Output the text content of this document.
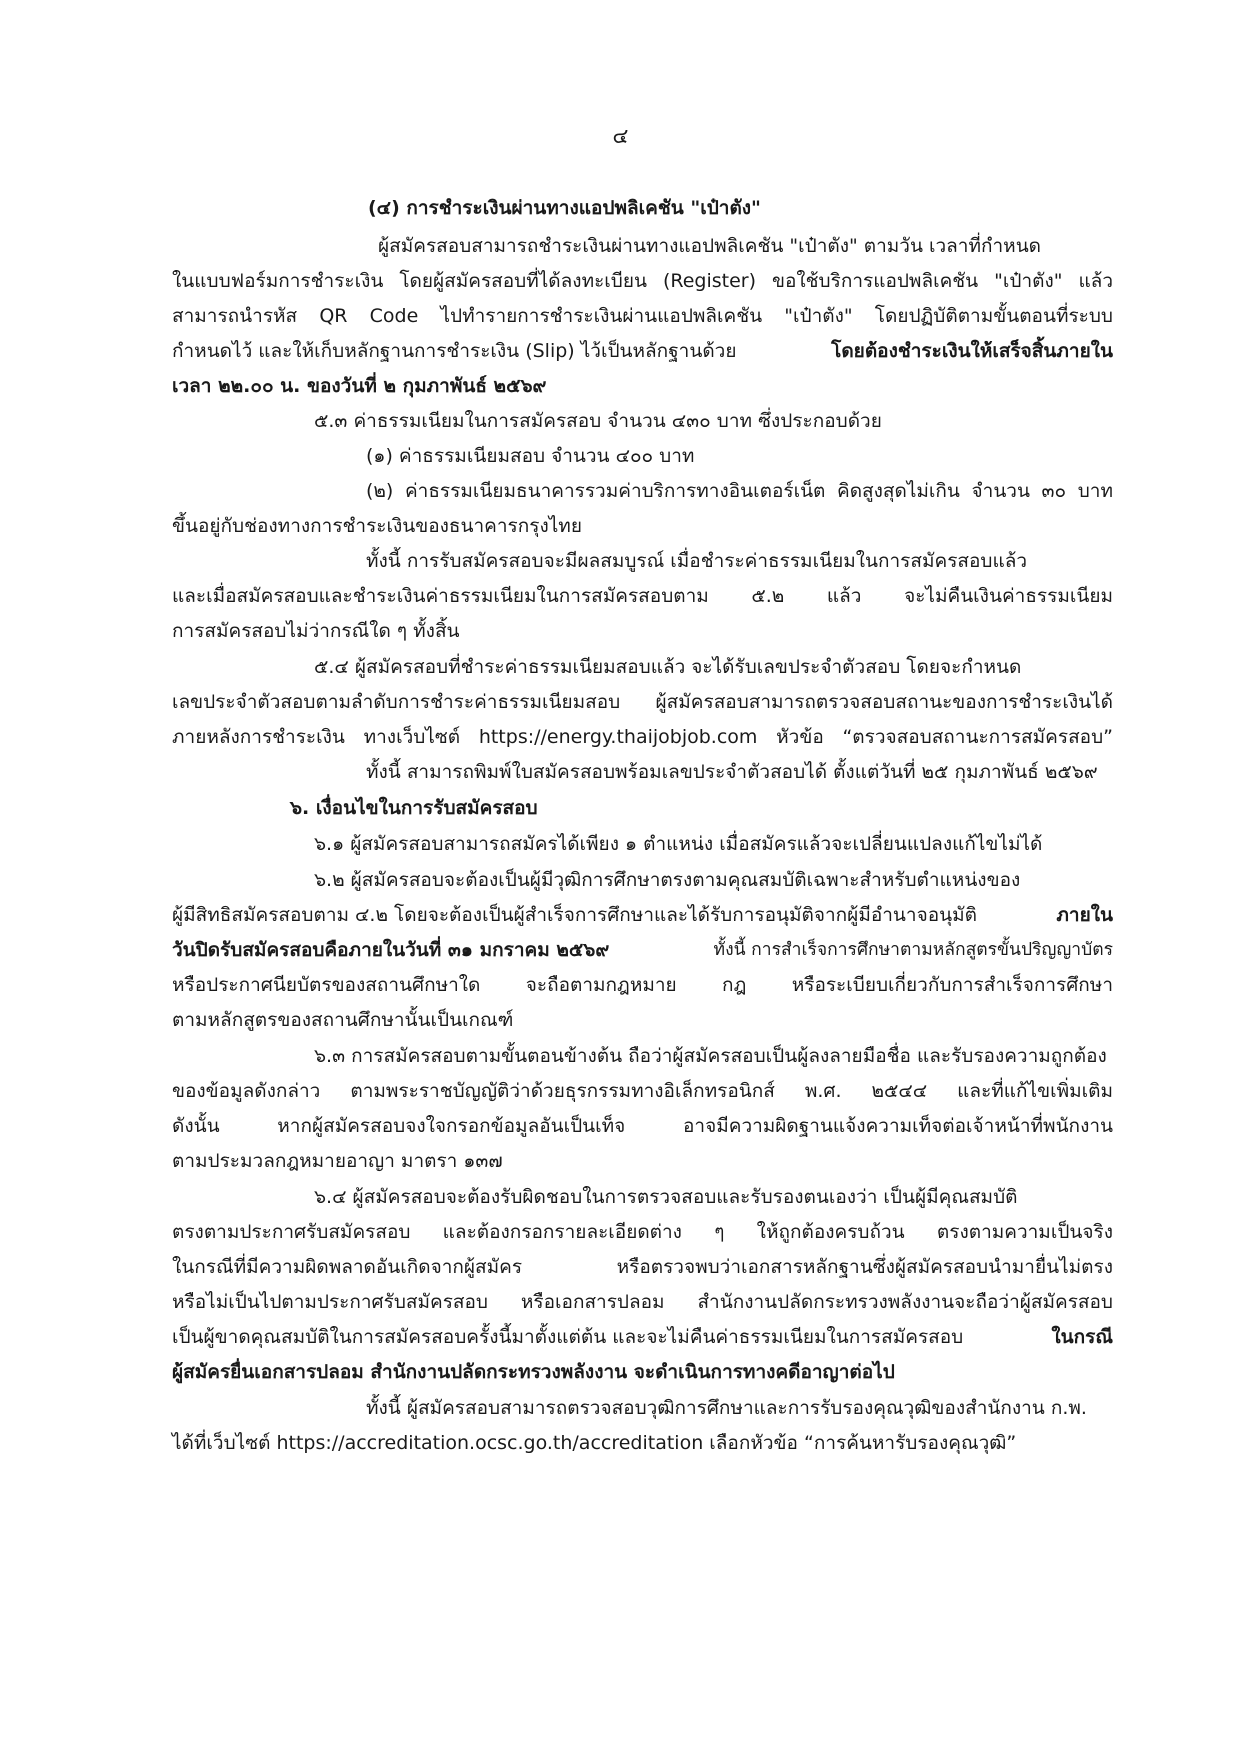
๔
(๔) การชำระเงินผ่านทางแอปพลิเคชัน "เป๋าตัง"
ผู้สมัครสอบสามารถชำระเงินผ่านทางแอปพลิเคชัน "เป๋าตัง" ตามวัน เวลาที่กำหนด
ในแบบฟอร์มการชำระเงิน โดยผู้สมัครสอบที่ได้ลงทะเบียน (Register) ขอใช้บริการแอปพลิเคชัน "เป๋าตัง" แล้ว
สามารถนำรหัส QR Code ไปทำรายการชำระเงินผ่านแอปพลิเคชัน "เป๋าตัง" โดยปฏิบัติตามขั้นตอนที่ระบบ
กำหนดไว้ และให้เก็บหลักฐานการชำระเงิน (Slip) ไว้เป็นหลักฐานด้วย	โดยต้องชำระเงินให้เสร็จสิ้นภายใน
เวลา ๒๒.๐๐ น. ของวันที่ ๒ กุมภาพันธ์ ๒๕๖๙
๕.๓ ค่าธรรมเนียมในการสมัครสอบ จำนวน ๔๓๐ บาท ซึ่งประกอบด้วย
(๑) ค่าธรรมเนียมสอบ จำนวน ๔๐๐ บาท
(๒) ค่าธรรมเนียมธนาคารรวมค่าบริการทางอินเตอร์เน็ต คิดสูงสุดไม่เกิน จำนวน ๓๐ บาท
ขึ้นอยู่กับช่องทางการชำระเงินของธนาคารกรุงไทย
ทั้งนี้ การรับสมัครสอบจะมีผลสมบูรณ์ เมื่อชำระค่าธรรมเนียมในการสมัครสอบแล้ว
และเมื่อสมัครสอบและชำระเงินค่าธรรมเนียมในการสมัครสอบตาม ๕.๒ แล้ว จะไม่คืนเงินค่าธรรมเนียม
การสมัครสอบไม่ว่ากรณีใด ๆ ทั้งสิ้น
๕.๔ ผู้สมัครสอบที่ชำระค่าธรรมเนียมสอบแล้ว จะได้รับเลขประจำตัวสอบ โดยจะกำหนด
เลขประจำตัวสอบตามลำดับการชำระค่าธรรมเนียมสอบ ผู้สมัครสอบสามารถตรวจสอบสถานะของการชำระเงินได้
ภายหลังการชำระเงิน ทางเว็บไซต์ https://energy.thaijobjob.com หัวข้อ “ตรวจสอบสถานะการสมัครสอบ”
ทั้งนี้ สามารถพิมพ์ใบสมัครสอบพร้อมเลขประจำตัวสอบได้ ตั้งแต่วันที่ ๒๕ กุมภาพันธ์ ๒๕๖๙
๖. เงื่อนไขในการรับสมัครสอบ
๖.๑ ผู้สมัครสอบสามารถสมัครได้เพียง ๑ ตำแหน่ง เมื่อสมัครแล้วจะเปลี่ยนแปลงแก้ไขไม่ได้
๖.๒ ผู้สมัครสอบจะต้องเป็นผู้มีวุฒิการศึกษาตรงตามคุณสมบัติเฉพาะสำหรับตำแหน่งของ
ผู้มีสิทธิสมัครสอบตาม ๔.๒ โดยจะต้องเป็นผู้สำเร็จการศึกษาและได้รับการอนุมัติจากผู้มีอำนาจอนุมัติ	ภายใน
วันปิดรับสมัครสอบคือภายในวันที่ ๓๑ มกราคม ๒๕๖๙	ทั้งนี้ การสำเร็จการศึกษาตามหลักสูตรขั้นปริญญาบัตร
หรือประกาศนียบัตรของสถานศึกษาใด จะถือตามกฎหมาย กฎ หรือระเบียบเกี่ยวกับการสำเร็จการศึกษา
ตามหลักสูตรของสถานศึกษานั้นเป็นเกณฑ์
๖.๓ การสมัครสอบตามขั้นตอนข้างต้น ถือว่าผู้สมัครสอบเป็นผู้ลงลายมือชื่อ และรับรองความถูกต้อง
ของข้อมูลดังกล่าว ตามพระราชบัญญัติว่าด้วยธุรกรรมทางอิเล็กทรอนิกส์ พ.ศ. ๒๕๔๔ และที่แก้ไขเพิ่มเติม
ดังนั้น หากผู้สมัครสอบจงใจกรอกข้อมูลอันเป็นเท็จ อาจมีความผิดฐานแจ้งความเท็จต่อเจ้าหน้าที่พนักงาน
ตามประมวลกฎหมายอาญา มาตรา ๑๓๗
๖.๔ ผู้สมัครสอบจะต้องรับผิดชอบในการตรวจสอบและรับรองตนเองว่า เป็นผู้มีคุณสมบัติ
ตรงตามประกาศรับสมัครสอบ และต้องกรอกรายละเอียดต่าง ๆ ให้ถูกต้องครบถ้วน ตรงตามความเป็นจริง
ในกรณีที่มีความผิดพลาดอันเกิดจากผู้สมัคร หรือตรวจพบว่าเอกสารหลักฐานซึ่งผู้สมัครสอบนำมายื่นไม่ตรง
หรือไม่เป็นไปตามประกาศรับสมัครสอบ หรือเอกสารปลอม สำนักงานปลัดกระทรวงพลังงานจะถือว่าผู้สมัครสอบ
เป็นผู้ขาดคุณสมบัติในการสมัครสอบครั้งนี้มาตั้งแต่ต้น และจะไม่คืนค่าธรรมเนียมในการสมัครสอบ	ในกรณี
ผู้สมัครยื่นเอกสารปลอม สำนักงานปลัดกระทรวงพลังงาน จะดำเนินการทางคดีอาญาต่อไป
ทั้งนี้ ผู้สมัครสอบสามารถตรวจสอบวุฒิการศึกษาและการรับรองคุณวุฒิของสำนักงาน ก.พ.
ได้ที่เว็บไซต์ https://accreditation.ocsc.go.th/accreditation เลือกหัวข้อ “การค้นหารับรองคุณวุฒิ”
